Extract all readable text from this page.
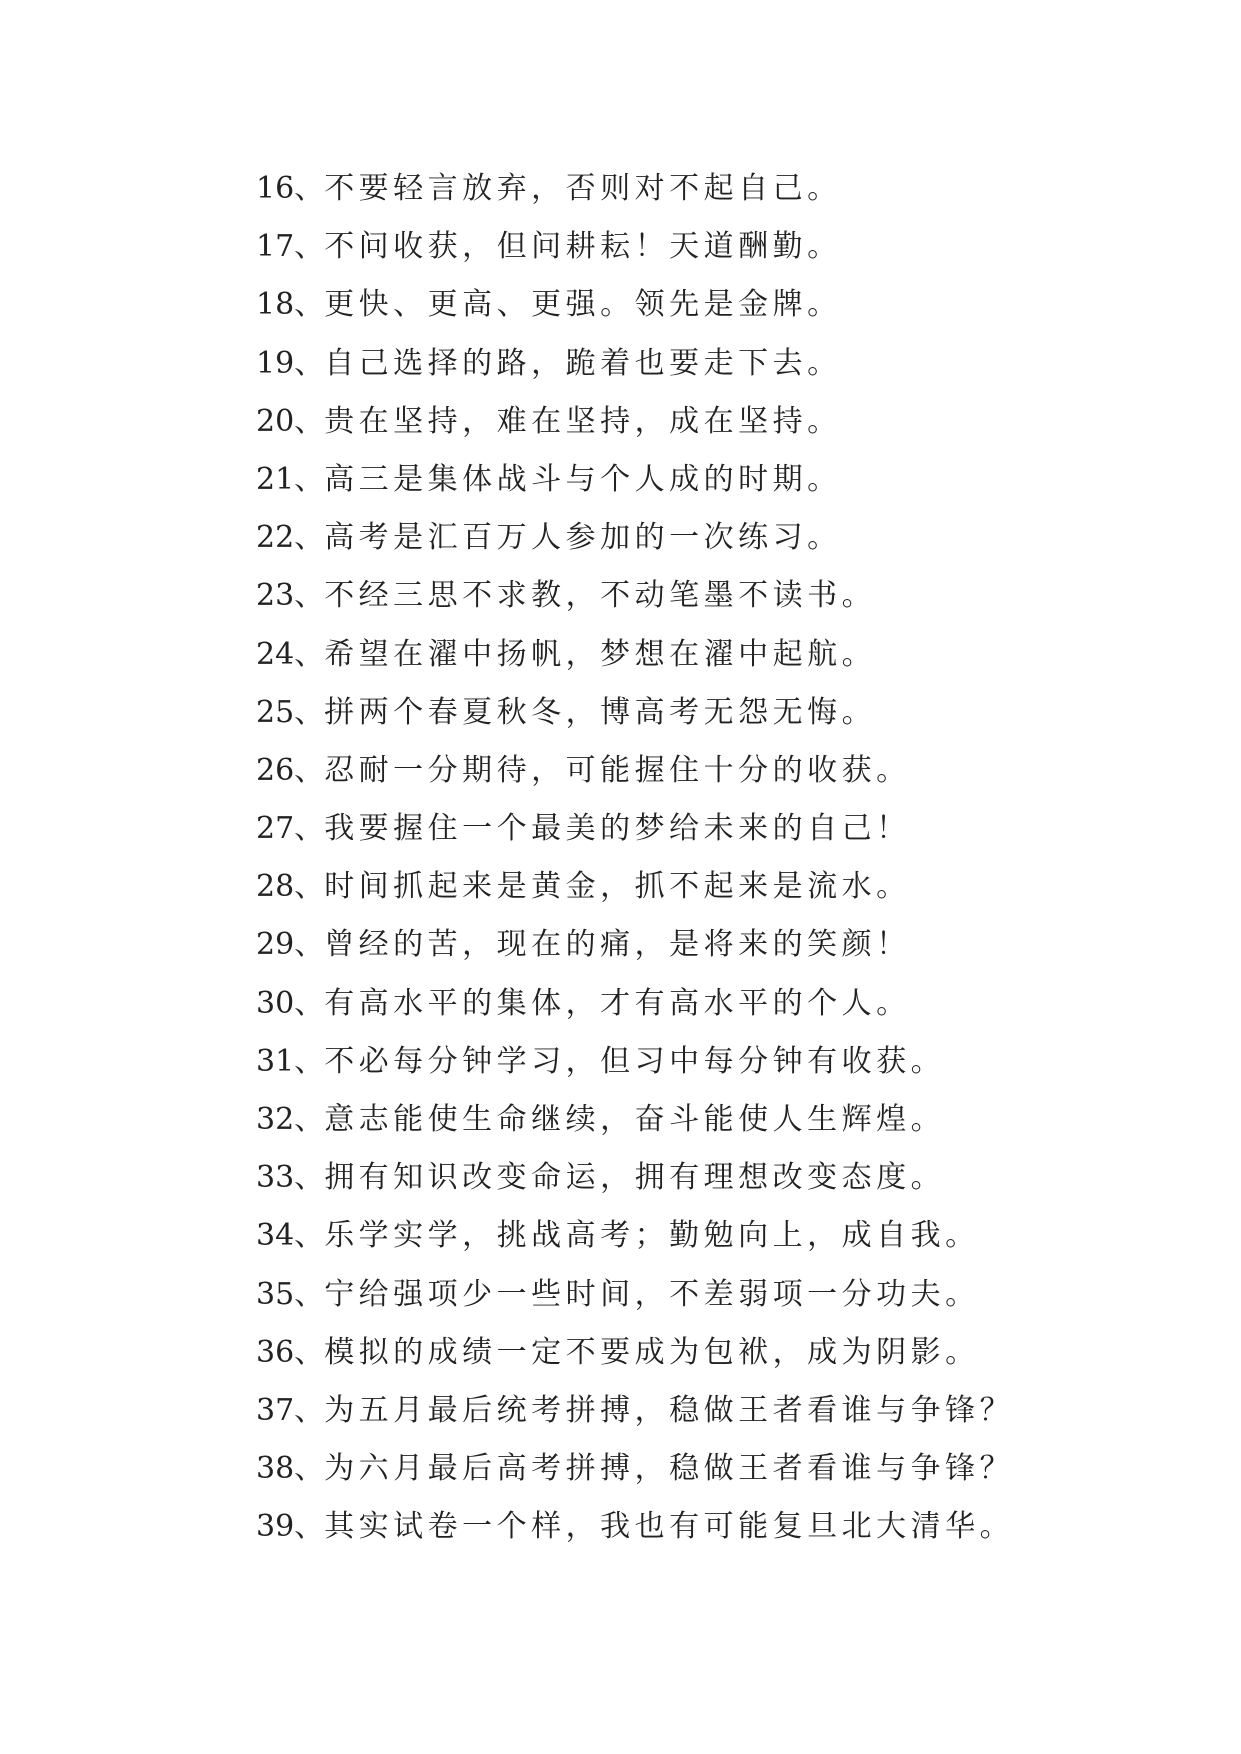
16、不要轻言放弃，否则对不起自己。
17、不问收获，但问耕耘！天道酬勤。
18、更快、更高、更强。领先是金牌。
19、自己选择的路，跪着也要走下去。
20、贵在坚持，难在坚持，成在坚持。
21、高三是集体战斗与个人成的时期。
22、高考是汇百万人参加的一次练习。
23、不经三思不求教，不动笔墨不读书。
24、希望在濯中扬帆，梦想在濯中起航。
25、拼两个春夏秋冬，博高考无怨无悔。
26、忍耐一分期待，可能握住十分的收获。
27、我要握住一个最美的梦给未来的自己！
28、时间抓起来是黄金，抓不起来是流水。
29、曾经的苦，现在的痛，是将来的笑颜！
30、有高水平的集体，才有高水平的个人。
31、不必每分钟学习，但习中每分钟有收获。
32、意志能使生命继续，奋斗能使人生辉煌。
33、拥有知识改变命运，拥有理想改变态度。
34、乐学实学，挑战高考；勤勉向上，成自我。
35、宁给强项少一些时间，不差弱项一分功夫。
36、模拟的成绩一定不要成为包袱，成为阴影。
37、为五月最后统考拼搏，稳做王者看谁与争锋？
38、为六月最后高考拼搏，稳做王者看谁与争锋？
39、其实试卷一个样，我也有可能复旦北大清华。
